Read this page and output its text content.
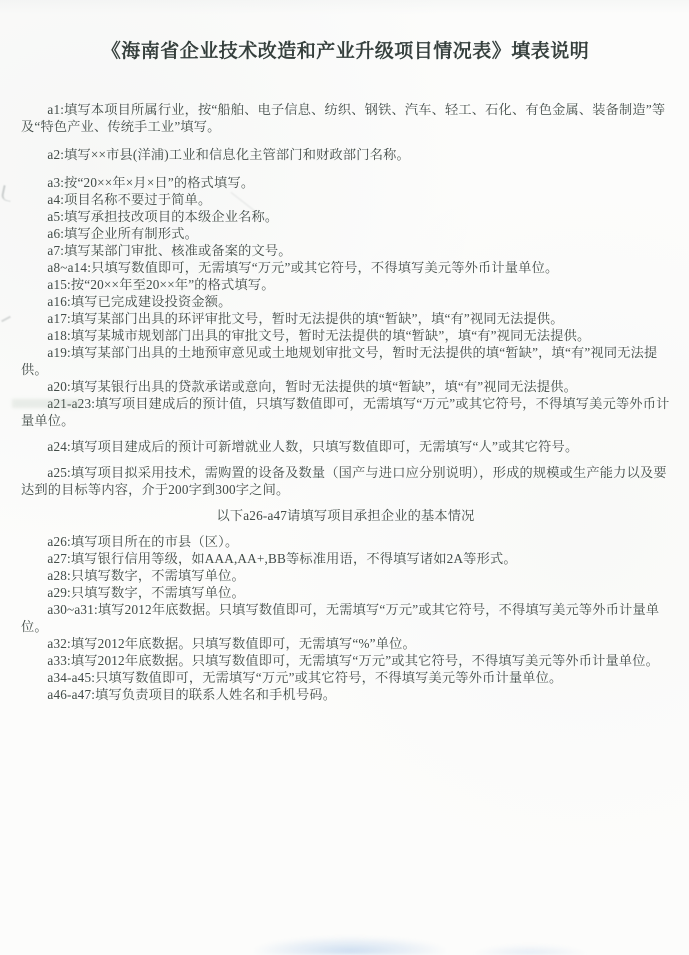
《海南省企业技术改造和产业升级项目情况表》填表说明

a1:填写本项目所属行业，按“船舶、电子信息、纺织、钢铁、汽车、轻工、石化、有色金属、装备制造”等及“特色产业、传统手工业”填写。

a2:填写××市县(洋浦)工业和信息化主管部门和财政部门名称。

a3:按“20××年×月×日”的格式填写。

a4:项目名称不要过于简单。

a5:填写承担技改项目的本级企业名称。

a6:填写企业所有制形式。

a7:填写某部门审批、核准或备案的文号。

a8~a14:只填写数值即可，无需填写“万元”或其它符号，不得填写美元等外币计量单位。

a15:按“20××年至20××年”的格式填写。

a16:填写已完成建设投资金额。

a17:填写某部门出具的环评审批文号，暂时无法提供的填“暂缺”，填“有”视同无法提供。

a18:填写某城市规划部门出具的审批文号，暂时无法提供的填“暂缺”，填“有”视同无法提供。

a19:填写某部门出具的土地预审意见或土地规划审批文号，暂时无法提供的填“暂缺”，填“有”视同无法提供。

a20:填写某银行出具的贷款承诺或意向，暂时无法提供的填“暂缺”，填“有”视同无法提供。

a21-a23:填写项目建成后的预计值，只填写数值即可，无需填写“万元”或其它符号，不得填写美元等外币计量单位。

a24:填写项目建成后的预计可新增就业人数，只填写数值即可，无需填写“人”或其它符号。

a25:填写项目拟采用技术，需购置的设备及数量（国产与进口应分别说明），形成的规模或生产能力以及要达到的目标等内容，介于200字到300字之间。

以下a26-a47请填写项目承担企业的基本情况

a26:填写项目所在的市县（区）。

a27:填写银行信用等级，如AAA,AA+,BB等标准用语，不得填写诸如2A等形式。

a28:只填写数字，不需填写单位。

a29:只填写数字，不需填写单位。

a30~a31:填写2012年底数据。只填写数值即可，无需填写“万元”或其它符号，不得填写美元等外币计量单位。

a32:填写2012年底数据。只填写数值即可，无需填写“%”单位。

a33:填写2012年底数据。只填写数值即可，无需填写“万元”或其它符号，不得填写美元等外币计量单位。

a34-a45:只填写数值即可，无需填写“万元”或其它符号，不得填写美元等外币计量单位。

a46-a47:填写负责项目的联系人姓名和手机号码。
